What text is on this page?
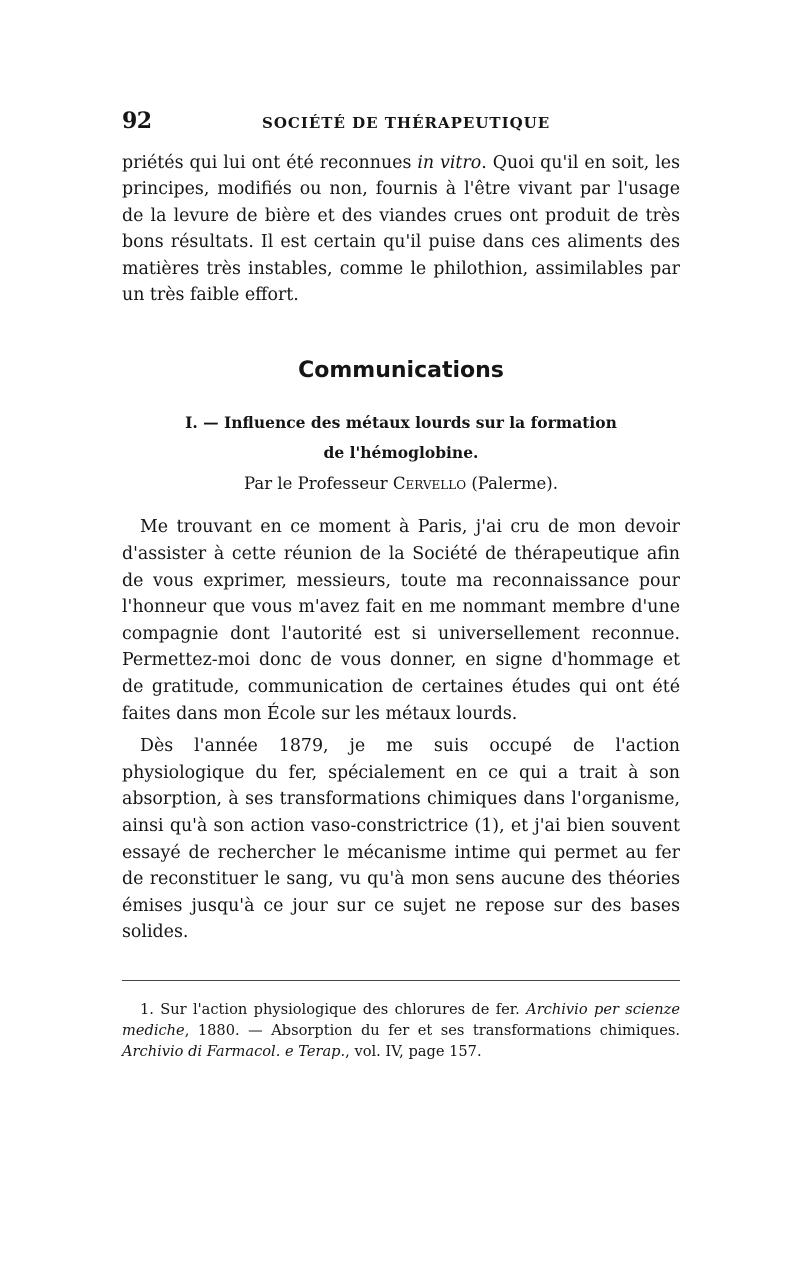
92	SOCIÉTÉ DE THÉRAPEUTIQUE

priétés qui lui ont été reconnues in vitro. Quoi qu'il en soit, les principes, modifiés ou non, fournis à l'être vivant par l'usage de la levure de bière et des viandes crues ont produit de très bons résultats. Il est certain qu'il puise dans ces aliments des matières très instables, comme le philothion, assimilables par un très faible effort.

Communications
I. — Influence des métaux lourds sur la formation
de l'hémoglobine.
Par le Professeur Cervello (Palerme).

Me trouvant en ce moment à Paris, j'ai cru de mon devoir d'assister à cette réunion de la Société de thérapeutique afin de vous exprimer, messieurs, toute ma reconnaissance pour l'honneur que vous m'avez fait en me nommant membre d'une compagnie dont l'autorité est si universellement reconnue. Permettez-moi donc de vous donner, en signe d'hommage et de gratitude, communication de certaines études qui ont été faites dans mon École sur les métaux lourds.

Dès l'année 1879, je me suis occupé de l'action physiologique du fer, spécialement en ce qui a trait à son absorption, à ses transformations chimiques dans l'organisme, ainsi qu'à son action vaso-constrictrice (1), et j'ai bien souvent essayé de rechercher le mécanisme intime qui permet au fer de reconstituer le sang, vu qu'à mon sens aucune des théories émises jusqu'à ce jour sur ce sujet ne repose sur des bases solides.

1. Sur l'action physiologique des chlorures de fer. Archivio per scienze mediche, 1880. — Absorption du fer et ses transformations chimiques. Archivio di Farmacol. e Terap., vol. IV, page 157.
